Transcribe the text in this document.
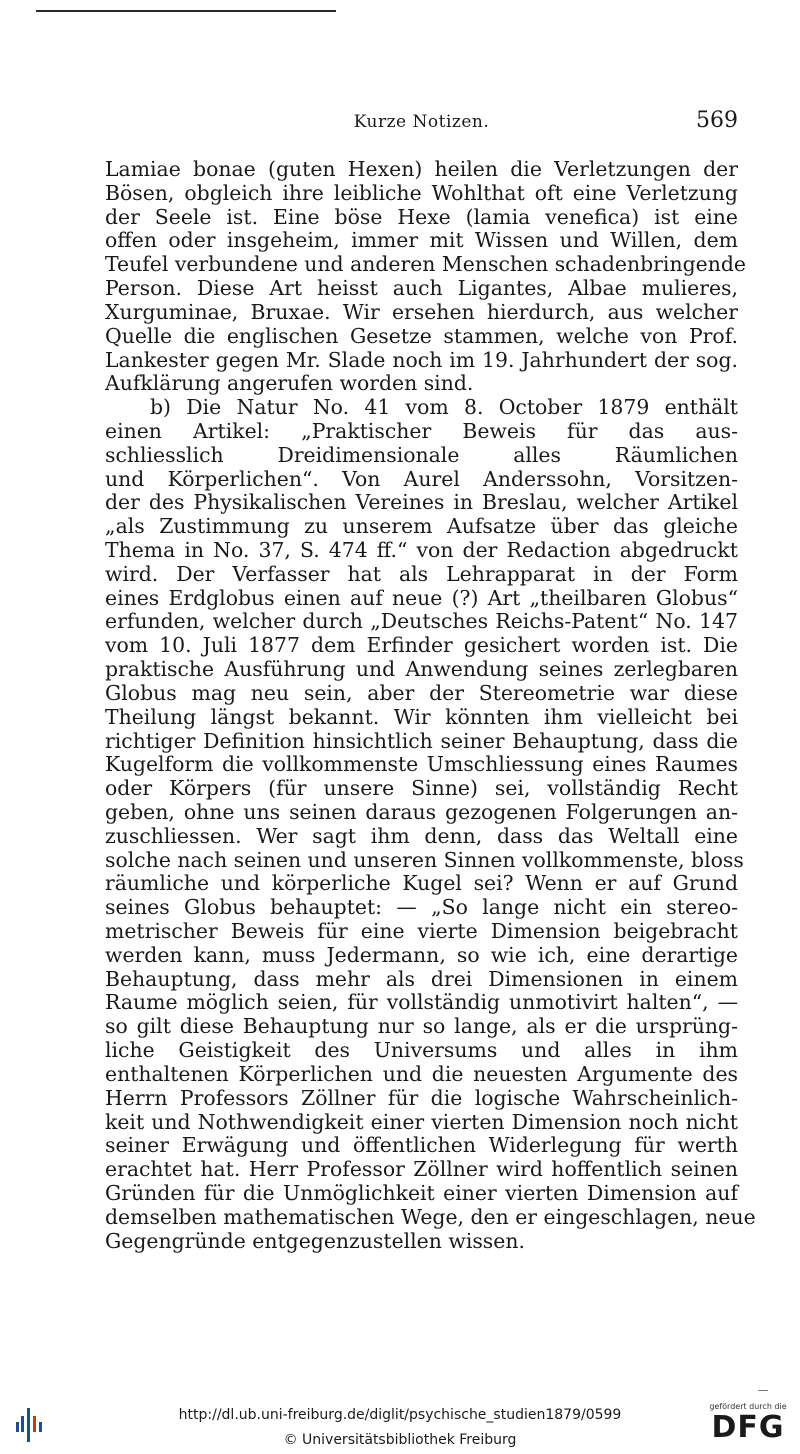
Kurze Notizen.	569
Lamiae bonae (guten Hexen) heilen die Verletzungen der
Bösen, obgleich ihre leibliche Wohlthat oft eine Verletzung
der Seele ist. Eine böse Hexe (lamia venefica) ist eine
offen oder insgeheim, immer mit Wissen und Willen, dem
Teufel verbundene und anderen Menschen schadenbringende
Person. Diese Art heisst auch Ligantes, Albae mulieres,
Xurguminae, Bruxae. Wir ersehen hierdurch, aus welcher
Quelle die englischen Gesetze stammen, welche von Prof.
Lankester gegen Mr. Slade noch im 19. Jahrhundert der sog.
Aufklärung angerufen worden sind.
b) Die Natur No. 41 vom 8. October 1879 enthält
einen Artikel: „Praktischer Beweis für das aus-
schliesslich Dreidimensionale alles Räumlichen
und Körperlichen“. Von Aurel Anderssohn, Vorsitzen-
der des Physikalischen Vereines in Breslau, welcher Artikel
„als Zustimmung zu unserem Aufsatze über das gleiche
Thema in No. 37, S. 474 ff.“ von der Redaction abgedruckt
wird. Der Verfasser hat als Lehrapparat in der Form
eines Erdglobus einen auf neue (?) Art „theilbaren Globus“
erfunden, welcher durch „Deutsches Reichs-Patent“ No. 147
vom 10. Juli 1877 dem Erfinder gesichert worden ist. Die
praktische Ausführung und Anwendung seines zerlegbaren
Globus mag neu sein, aber der Stereometrie war diese
Theilung längst bekannt. Wir könnten ihm vielleicht bei
richtiger Definition hinsichtlich seiner Behauptung, dass die
Kugelform die vollkommenste Umschliessung eines Raumes
oder Körpers (für unsere Sinne) sei, vollständig Recht
geben, ohne uns seinen daraus gezogenen Folgerungen an-
zuschliessen. Wer sagt ihm denn, dass das Weltall eine
solche nach seinen und unseren Sinnen vollkommenste, bloss
räumliche und körperliche Kugel sei? Wenn er auf Grund
seines Globus behauptet: — „So lange nicht ein stereo-
metrischer Beweis für eine vierte Dimension beigebracht
werden kann, muss Jedermann, so wie ich, eine derartige
Behauptung, dass mehr als drei Dimensionen in einem
Raume möglich seien, für vollständig unmotivirt halten“, —
so gilt diese Behauptung nur so lange, als er die ursprüng-
liche Geistigkeit des Universums und alles in ihm
enthaltenen Körperlichen und die neuesten Argumente des
Herrn Professors Zöllner für die logische Wahrscheinlich-
keit und Nothwendigkeit einer vierten Dimension noch nicht
seiner Erwägung und öffentlichen Widerlegung für werth
erachtet hat. Herr Professor Zöllner wird hoffentlich seinen
Gründen für die Unmöglichkeit einer vierten Dimension auf
demselben mathematischen Wege, den er eingeschlagen, neue
Gegengründe entgegenzustellen wissen.
http://dl.ub.uni-freiburg.de/diglit/psychische_studien1879/0599
© Universitätsbibliothek Freiburg
gefördert durch die
DFG
